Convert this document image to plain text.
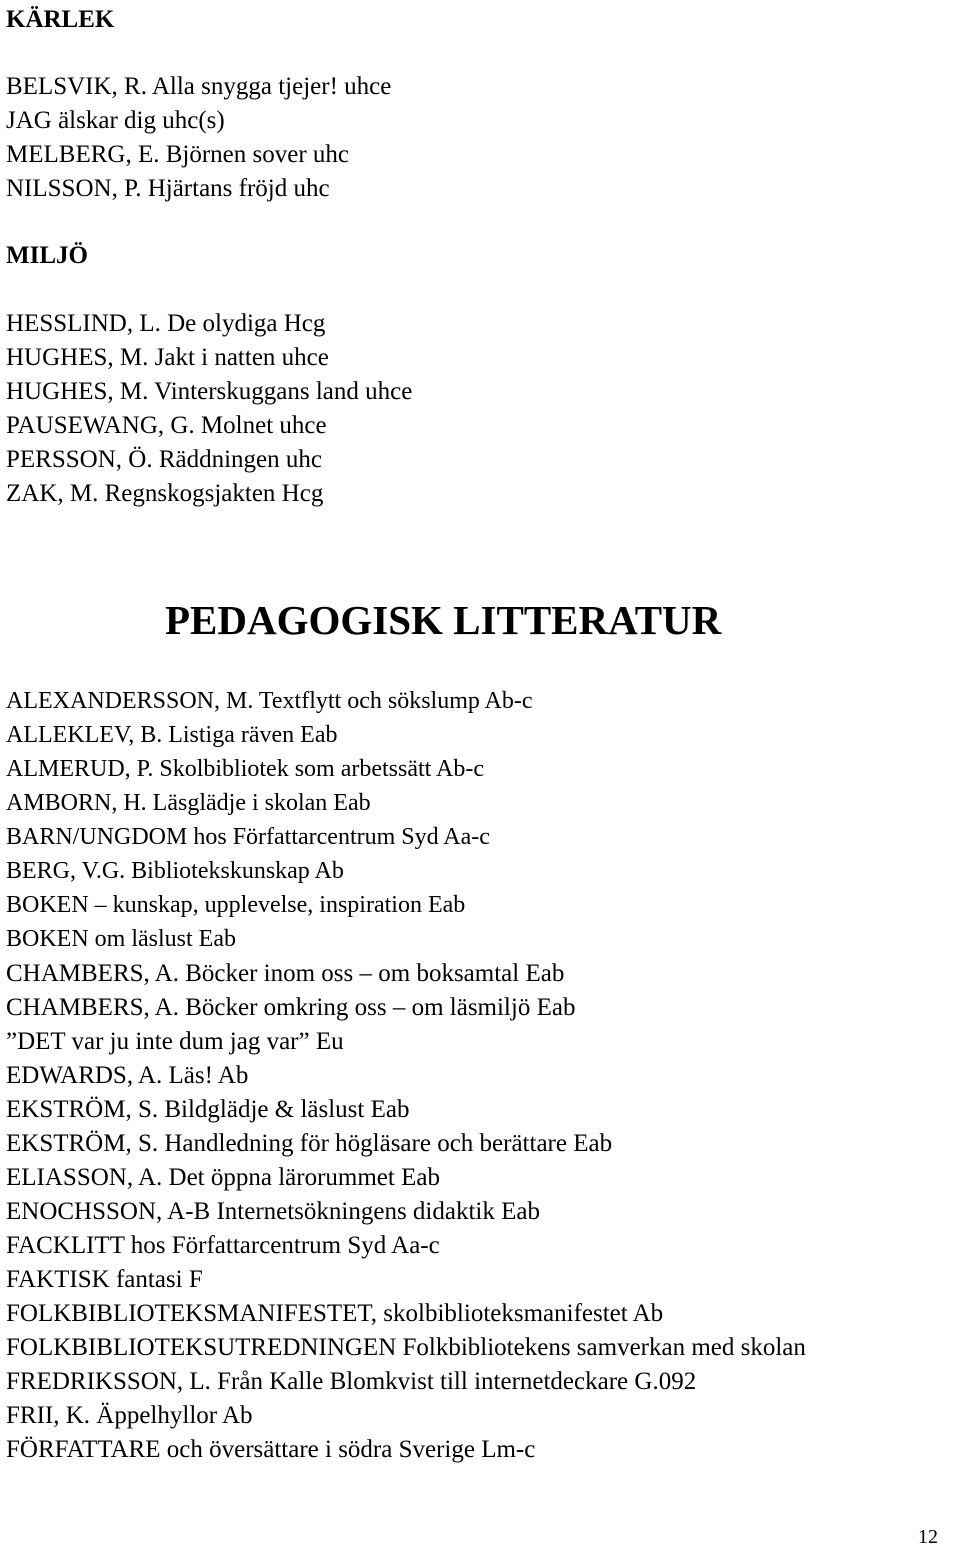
KÄRLEK
BELSVIK, R. Alla snygga tjejer! uhce
JAG älskar dig uhc(s)
MELBERG, E. Björnen sover uhc
NILSSON, P. Hjärtans fröjd uhc
MILJÖ
HESSLIND, L. De olydiga Hcg
HUGHES, M. Jakt i natten uhce
HUGHES, M. Vinterskuggans land uhce
PAUSEWANG, G. Molnet uhce
PERSSON, Ö. Räddningen uhc
ZAK, M. Regnskogsjakten Hcg
PEDAGOGISK LITTERATUR
ALEXANDERSSON, M. Textflytt och sökslump Ab-c
ALLEKLEV, B. Listiga räven Eab
ALMERUD, P. Skolbibliotek som arbetssätt Ab-c
AMBORN, H. Läsglädje i skolan Eab
BARN/UNGDOM hos Författarcentrum Syd Aa-c
BERG, V.G. Bibliotekskunskap Ab
BOKEN – kunskap, upplevelse, inspiration Eab
BOKEN om läslust Eab
CHAMBERS, A. Böcker inom oss – om boksamtal Eab
CHAMBERS, A. Böcker omkring oss – om läsmiljö Eab
”DET var ju inte dum jag var” Eu
EDWARDS, A. Läs! Ab
EKSTRÖM, S. Bildglädje & läslust Eab
EKSTRÖM, S. Handledning för högläsare och berättare Eab
ELIASSON, A. Det öppna lärorummet Eab
ENOCHSSON, A-B Internetsökningens didaktik Eab
FACKLITT hos Författarcentrum Syd Aa-c
FAKTISK fantasi F
FOLKBIBLIOTEKSMANIFESTET, skolbiblioteksmanifestet Ab
FOLKBIBLIOTEKSUTREDNINGEN Folkbibliotekens samverkan med skolan
FREDRIKSSON, L. Från Kalle Blomkvist till internetdeckare G.092
FRII, K. Äppelhyllor Ab
FÖRFATTARE och översättare i södra Sverige Lm-c
12
